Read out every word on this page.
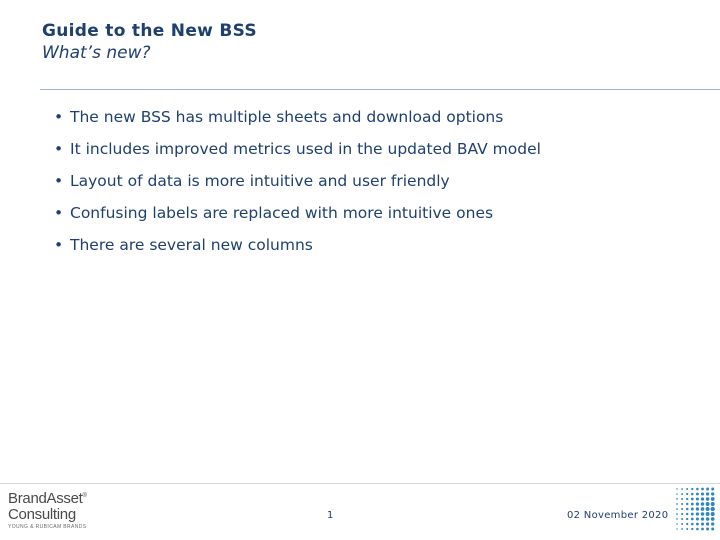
Guide to the New BSS
What’s new?
• The new BSS has multiple sheets and download options
• It includes improved metrics used in the updated BAV model
• Layout of data is more intuitive and user friendly
• Confusing labels are replaced with more intuitive ones
• There are several new columns
BrandAsset®
Consulting
YOUNG & RUBICAM BRANDS
1	02 November 2020
